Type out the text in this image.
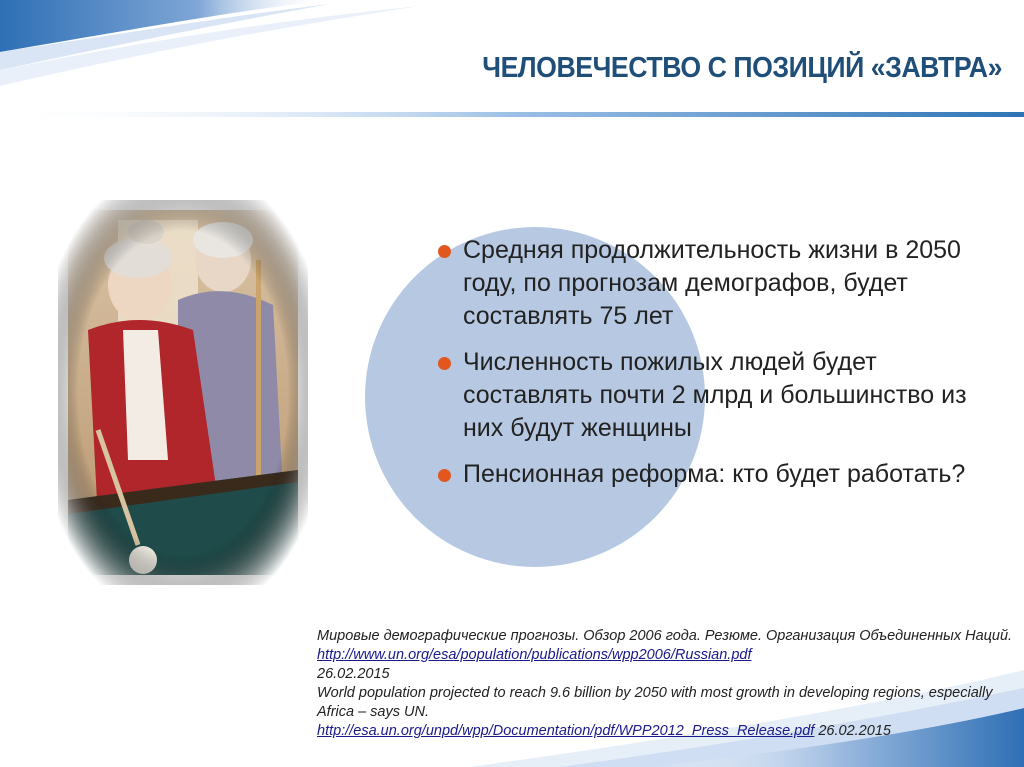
ЧЕЛОВЕЧЕСТВО С ПОЗИЦИЙ «ЗАВТРА»
Средняя продолжительность жизни в 2050 году, по прогнозам демографов, будет составлять 75 лет
Численность пожилых людей будет составлять почти 2 млрд и большинство из них будут женщины
Пенсионная реформа: кто будет работать?

Мировые демографические прогнозы. Обзор 2006 года. Резюме. Организация Объединенных Наций. http://www.un.org/esa/population/publications/wpp2006/Russian.pdf
26.02.2015

World population projected to reach 9.6 billion by 2050 with most growth in developing regions, especially Africa – says UN.
http://esa.un.org/unpd/wpp/Documentation/pdf/WPP2012_Press_Release.pdf 26.02.2015
